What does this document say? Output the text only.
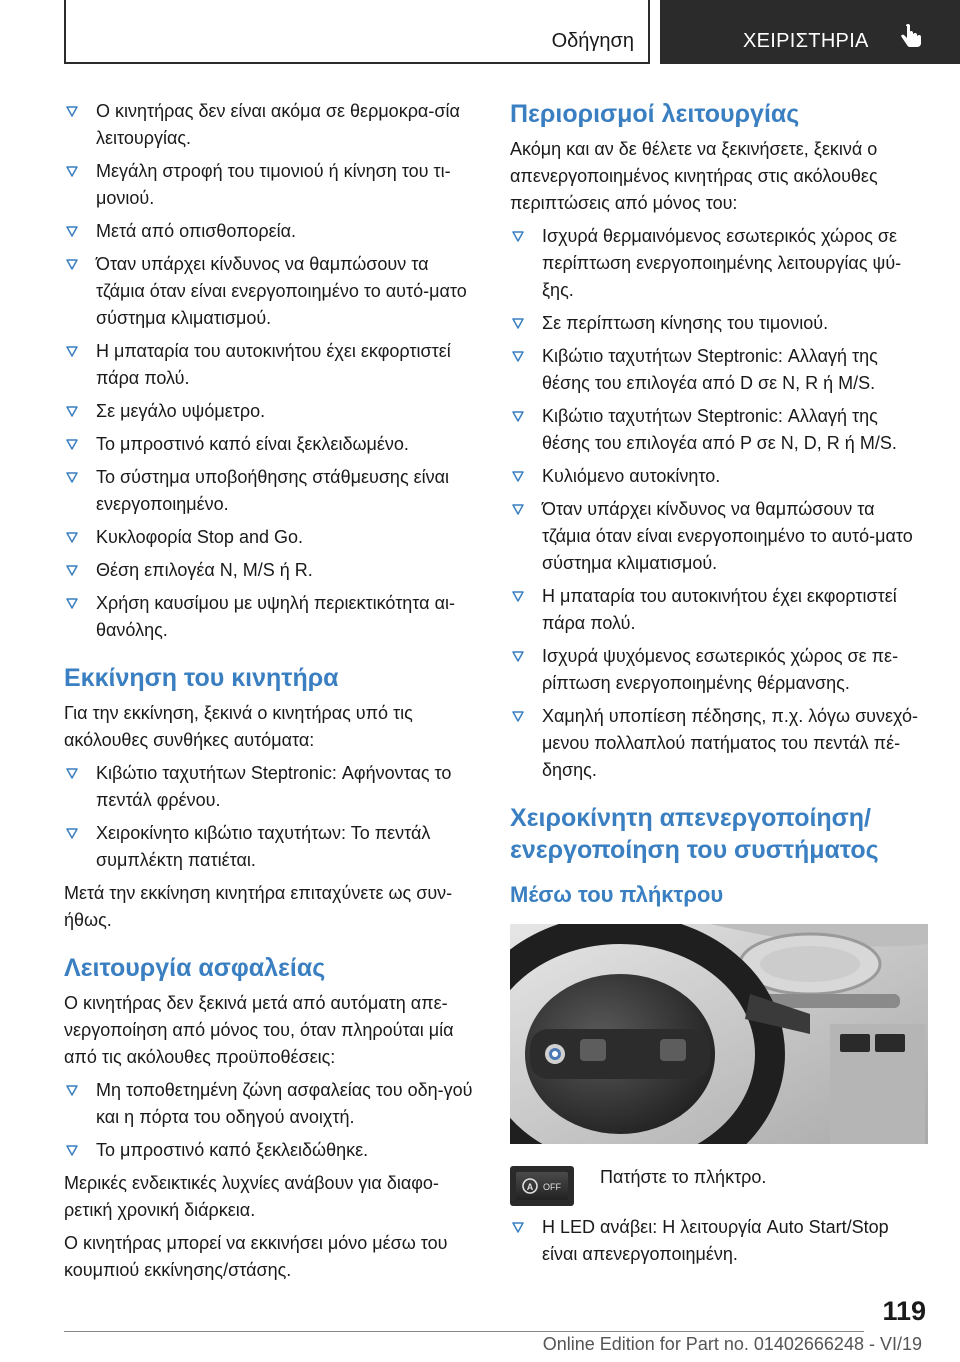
Οδήγηση	ΧΕΙΡΙΣΤΗΡΙΑ
Ο κινητήρας δεν είναι ακόμα σε θερμοκρα-σία λειτουργίας.
Μεγάλη στροφή του τιμονιού ή κίνηση του τι-μονιού.
Μετά από οπισθοπορεία.
Όταν υπάρχει κίνδυνος να θαμπώσουν τα τζάμια όταν είναι ενεργοποιημένο το αυτό-ματο σύστημα κλιματισμού.
Η μπαταρία του αυτοκινήτου έχει εκφορτιστεί πάρα πολύ.
Σε μεγάλο υψόμετρο.
Το μπροστινό καπό είναι ξεκλειδωμένο.
Το σύστημα υποβοήθησης στάθμευσης είναι ενεργοποιημένο.
Κυκλοφορία Stop and Go.
Θέση επιλογέα N, M/S ή R.
Χρήση καυσίμου με υψηλή περιεκτικότητα αι-θανόλης.
Εκκίνηση του κινητήρα
Για την εκκίνηση, ξεκινά ο κινητήρας υπό τις ακόλουθες συνθήκες αυτόματα:
Κιβώτιο ταχυτήτων Steptronic: Αφήνοντας το πεντάλ φρένου.
Χειροκίνητο κιβώτιο ταχυτήτων: Το πεντάλ συμπλέκτη πατιέται.
Μετά την εκκίνηση κινητήρα επιταχύνετε ως συν-ήθως.
Λειτουργία ασφαλείας
Ο κινητήρας δεν ξεκινά μετά από αυτόματη απε-νεργοποίηση από μόνος του, όταν πληρούται μία από τις ακόλουθες προϋποθέσεις:
Μη τοποθετημένη ζώνη ασφαλείας του οδη-γού και η πόρτα του οδηγού ανοιχτή.
Το μπροστινό καπό ξεκλειδώθηκε.
Μερικές ενδεικτικές λυχνίες ανάβουν για διαφο-ρετική χρονική διάρκεια.
Ο κινητήρας μπορεί να εκκινήσει μόνο μέσω του κουμπιού εκκίνησης/στάσης.
Περιορισμοί λειτουργίας
Ακόμη και αν δε θέλετε να ξεκινήσετε, ξεκινά ο απενεργοποιημένος κινητήρας στις ακόλουθες περιπτώσεις από μόνος του:
Ισχυρά θερμαινόμενος εσωτερικός χώρος σε περίπτωση ενεργοποιημένης λειτουργίας ψύ-ξης.
Σε περίπτωση κίνησης του τιμονιού.
Κιβώτιο ταχυτήτων Steptronic: Αλλαγή της θέσης του επιλογέα από D σε N, R ή M/S.
Κιβώτιο ταχυτήτων Steptronic: Αλλαγή της θέσης του επιλογέα από P σε N, D, R ή M/S.
Κυλιόμενο αυτοκίνητο.
Όταν υπάρχει κίνδυνος να θαμπώσουν τα τζάμια όταν είναι ενεργοποιημένο το αυτό-ματο σύστημα κλιματισμού.
Η μπαταρία του αυτοκινήτου έχει εκφορτιστεί πάρα πολύ.
Ισχυρά ψυχόμενος εσωτερικός χώρος σε πε-ρίπτωση ενεργοποιημένης θέρμανσης.
Χαμηλή υποπίεση πέδησης, π.χ. λόγω συνεχό-μενου πολλαπλού πατήματος του πεντάλ πέ-δησης.
Χειροκίνητη απενεργοποίηση/ ενεργοποίηση του συστήματος
Μέσω του πλήκτρου
A OFF Πατήστε το πλήκτρο.
Η LED ανάβει: Η λειτουργία Auto Start/Stop είναι απενεργοποιημένη.
119
Online Edition for Part no. 01402666248 - VI/19
